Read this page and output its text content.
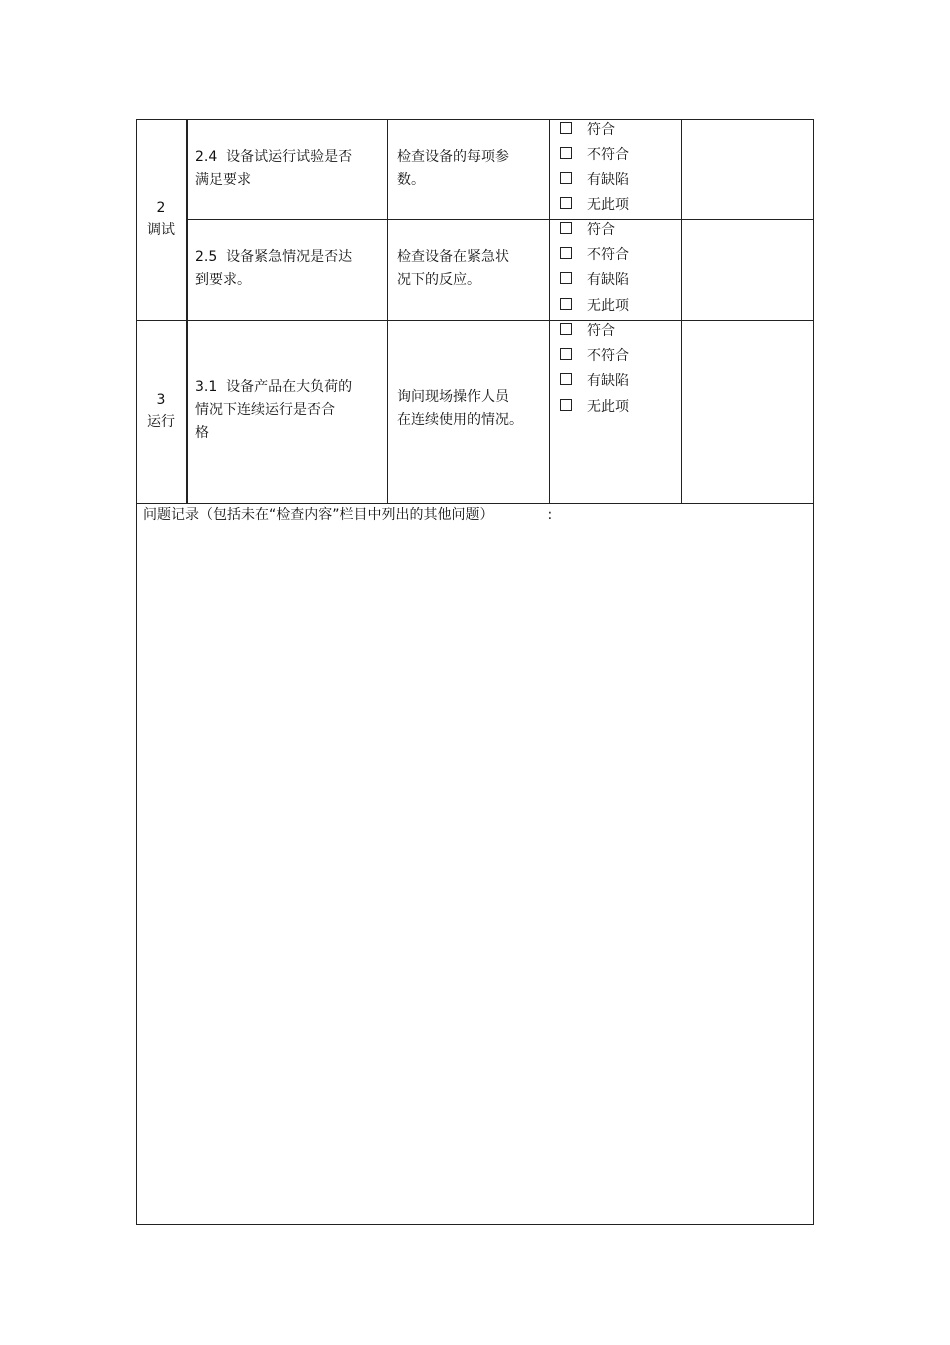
2
调试
2.4  设备试运行试验是否
满足要求
检查设备的每项参
数。
符合
不符合
有缺陷
无此项
2.5  设备紧急情况是否达
到要求。
检查设备在紧急状
况下的反应。
符合
不符合
有缺陷
无此项
3
运行
3.1  设备产品在大负荷的
情况下连续运行是否合
格
询问现场操作人员
在连续使用的情况。
符合
不符合
有缺陷
无此项
问题记录（包括未在“检查内容”栏目中列出的其他问题）	:
